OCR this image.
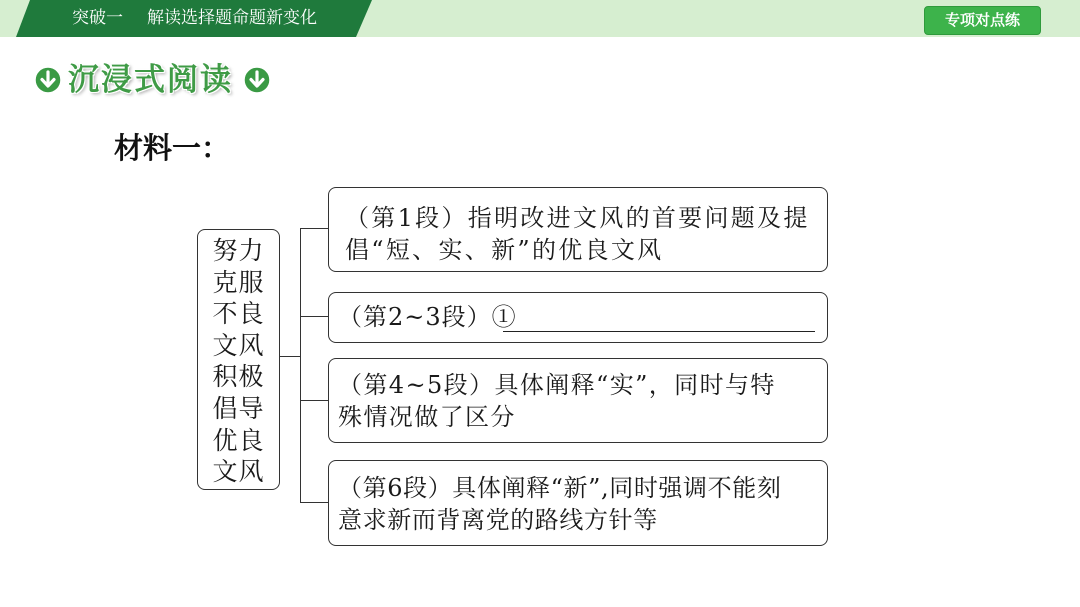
突破一 解读选择题命题新变化	专项对点练
沉浸式阅读
材料一：
努力
克服
不良
文风
积极
倡导
优良
文风
（第1段）指明改进文风的首要问题及提
倡“短、实、新”的优良文风
（第2~3段）①
（第4~5段）具体阐释“实”，同时与特
殊情况做了区分
（第6段）具体阐释“新”,同时强调不能刻
意求新而背离党的路线方针等
